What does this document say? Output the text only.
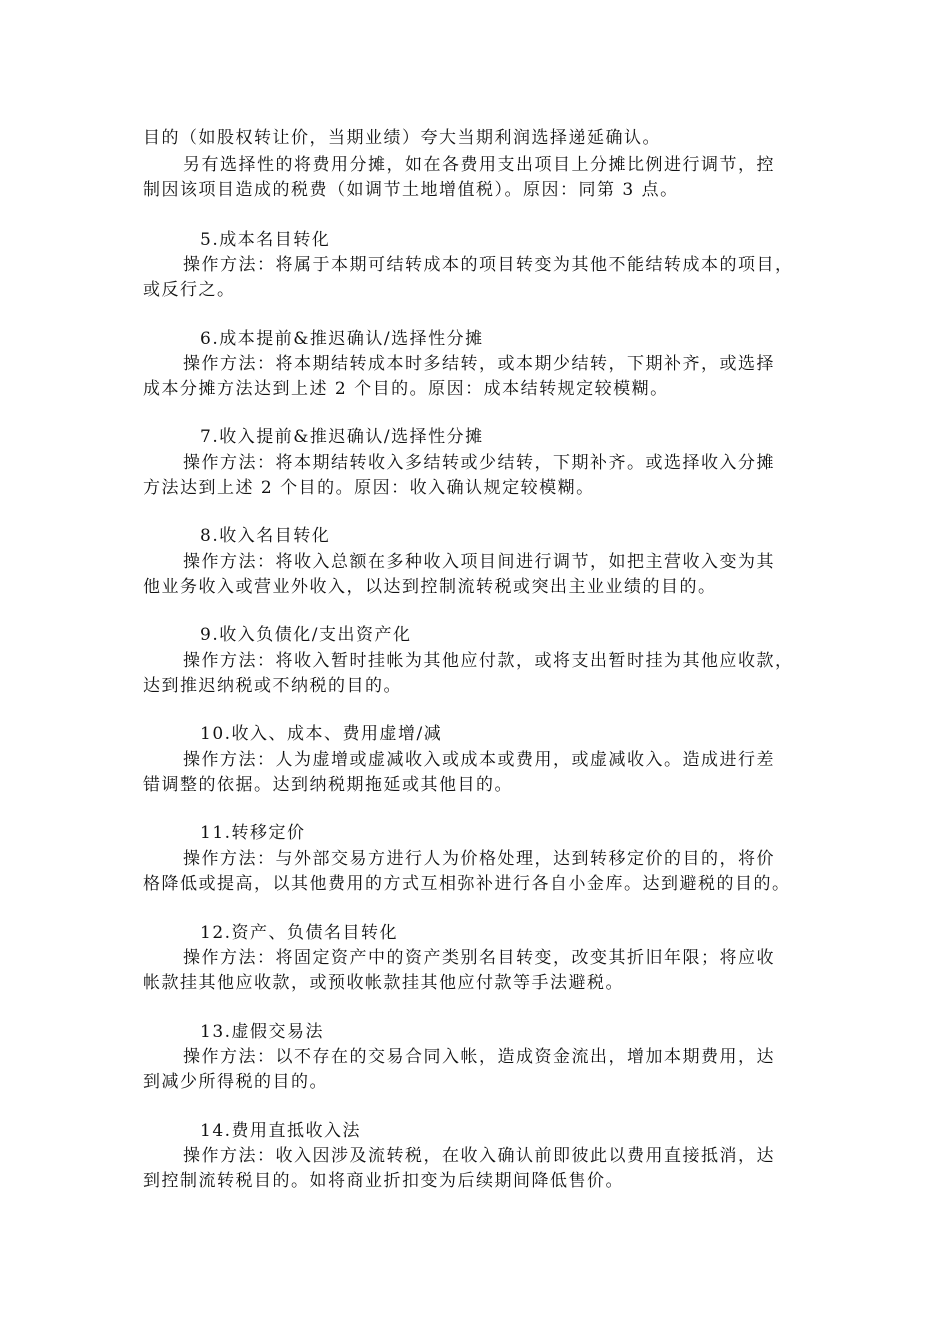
目的（如股权转让价，当期业绩）夸大当期利润选择递延确认。

另有选择性的将费用分摊，如在各费用支出项目上分摊比例进行调节，控

制因该项目造成的税费（如调节土地增值税）。原因：同第 3 点。

5.成本名目转化

操作方法：将属于本期可结转成本的项目转变为其他不能结转成本的项目，

或反行之。

6.成本提前&推迟确认/选择性分摊

操作方法：将本期结转成本时多结转，或本期少结转，下期补齐，或选择

成本分摊方法达到上述 2 个目的。原因：成本结转规定较模糊。

7.收入提前&推迟确认/选择性分摊

操作方法：将本期结转收入多结转或少结转，下期补齐。或选择收入分摊

方法达到上述 2 个目的。原因：收入确认规定较模糊。

8.收入名目转化

操作方法：将收入总额在多种收入项目间进行调节，如把主营收入变为其

他业务收入或营业外收入，以达到控制流转税或突出主业业绩的目的。

9.收入负债化/支出资产化

操作方法：将收入暂时挂帐为其他应付款，或将支出暂时挂为其他应收款，

达到推迟纳税或不纳税的目的。

10.收入、成本、费用虚增/减

操作方法：人为虚增或虚减收入或成本或费用，或虚减收入。造成进行差

错调整的依据。达到纳税期拖延或其他目的。

11.转移定价

操作方法：与外部交易方进行人为价格处理，达到转移定价的目的，将价

格降低或提高，以其他费用的方式互相弥补进行各自小金库。达到避税的目的。

12.资产、负债名目转化

操作方法：将固定资产中的资产类别名目转变，改变其折旧年限；将应收

帐款挂其他应收款，或预收帐款挂其他应付款等手法避税。

13.虚假交易法

操作方法：以不存在的交易合同入帐，造成资金流出，增加本期费用，达

到减少所得税的目的。

14.费用直抵收入法

操作方法：收入因涉及流转税，在收入确认前即彼此以费用直接抵消，达

到控制流转税目的。如将商业折扣变为后续期间降低售价。
